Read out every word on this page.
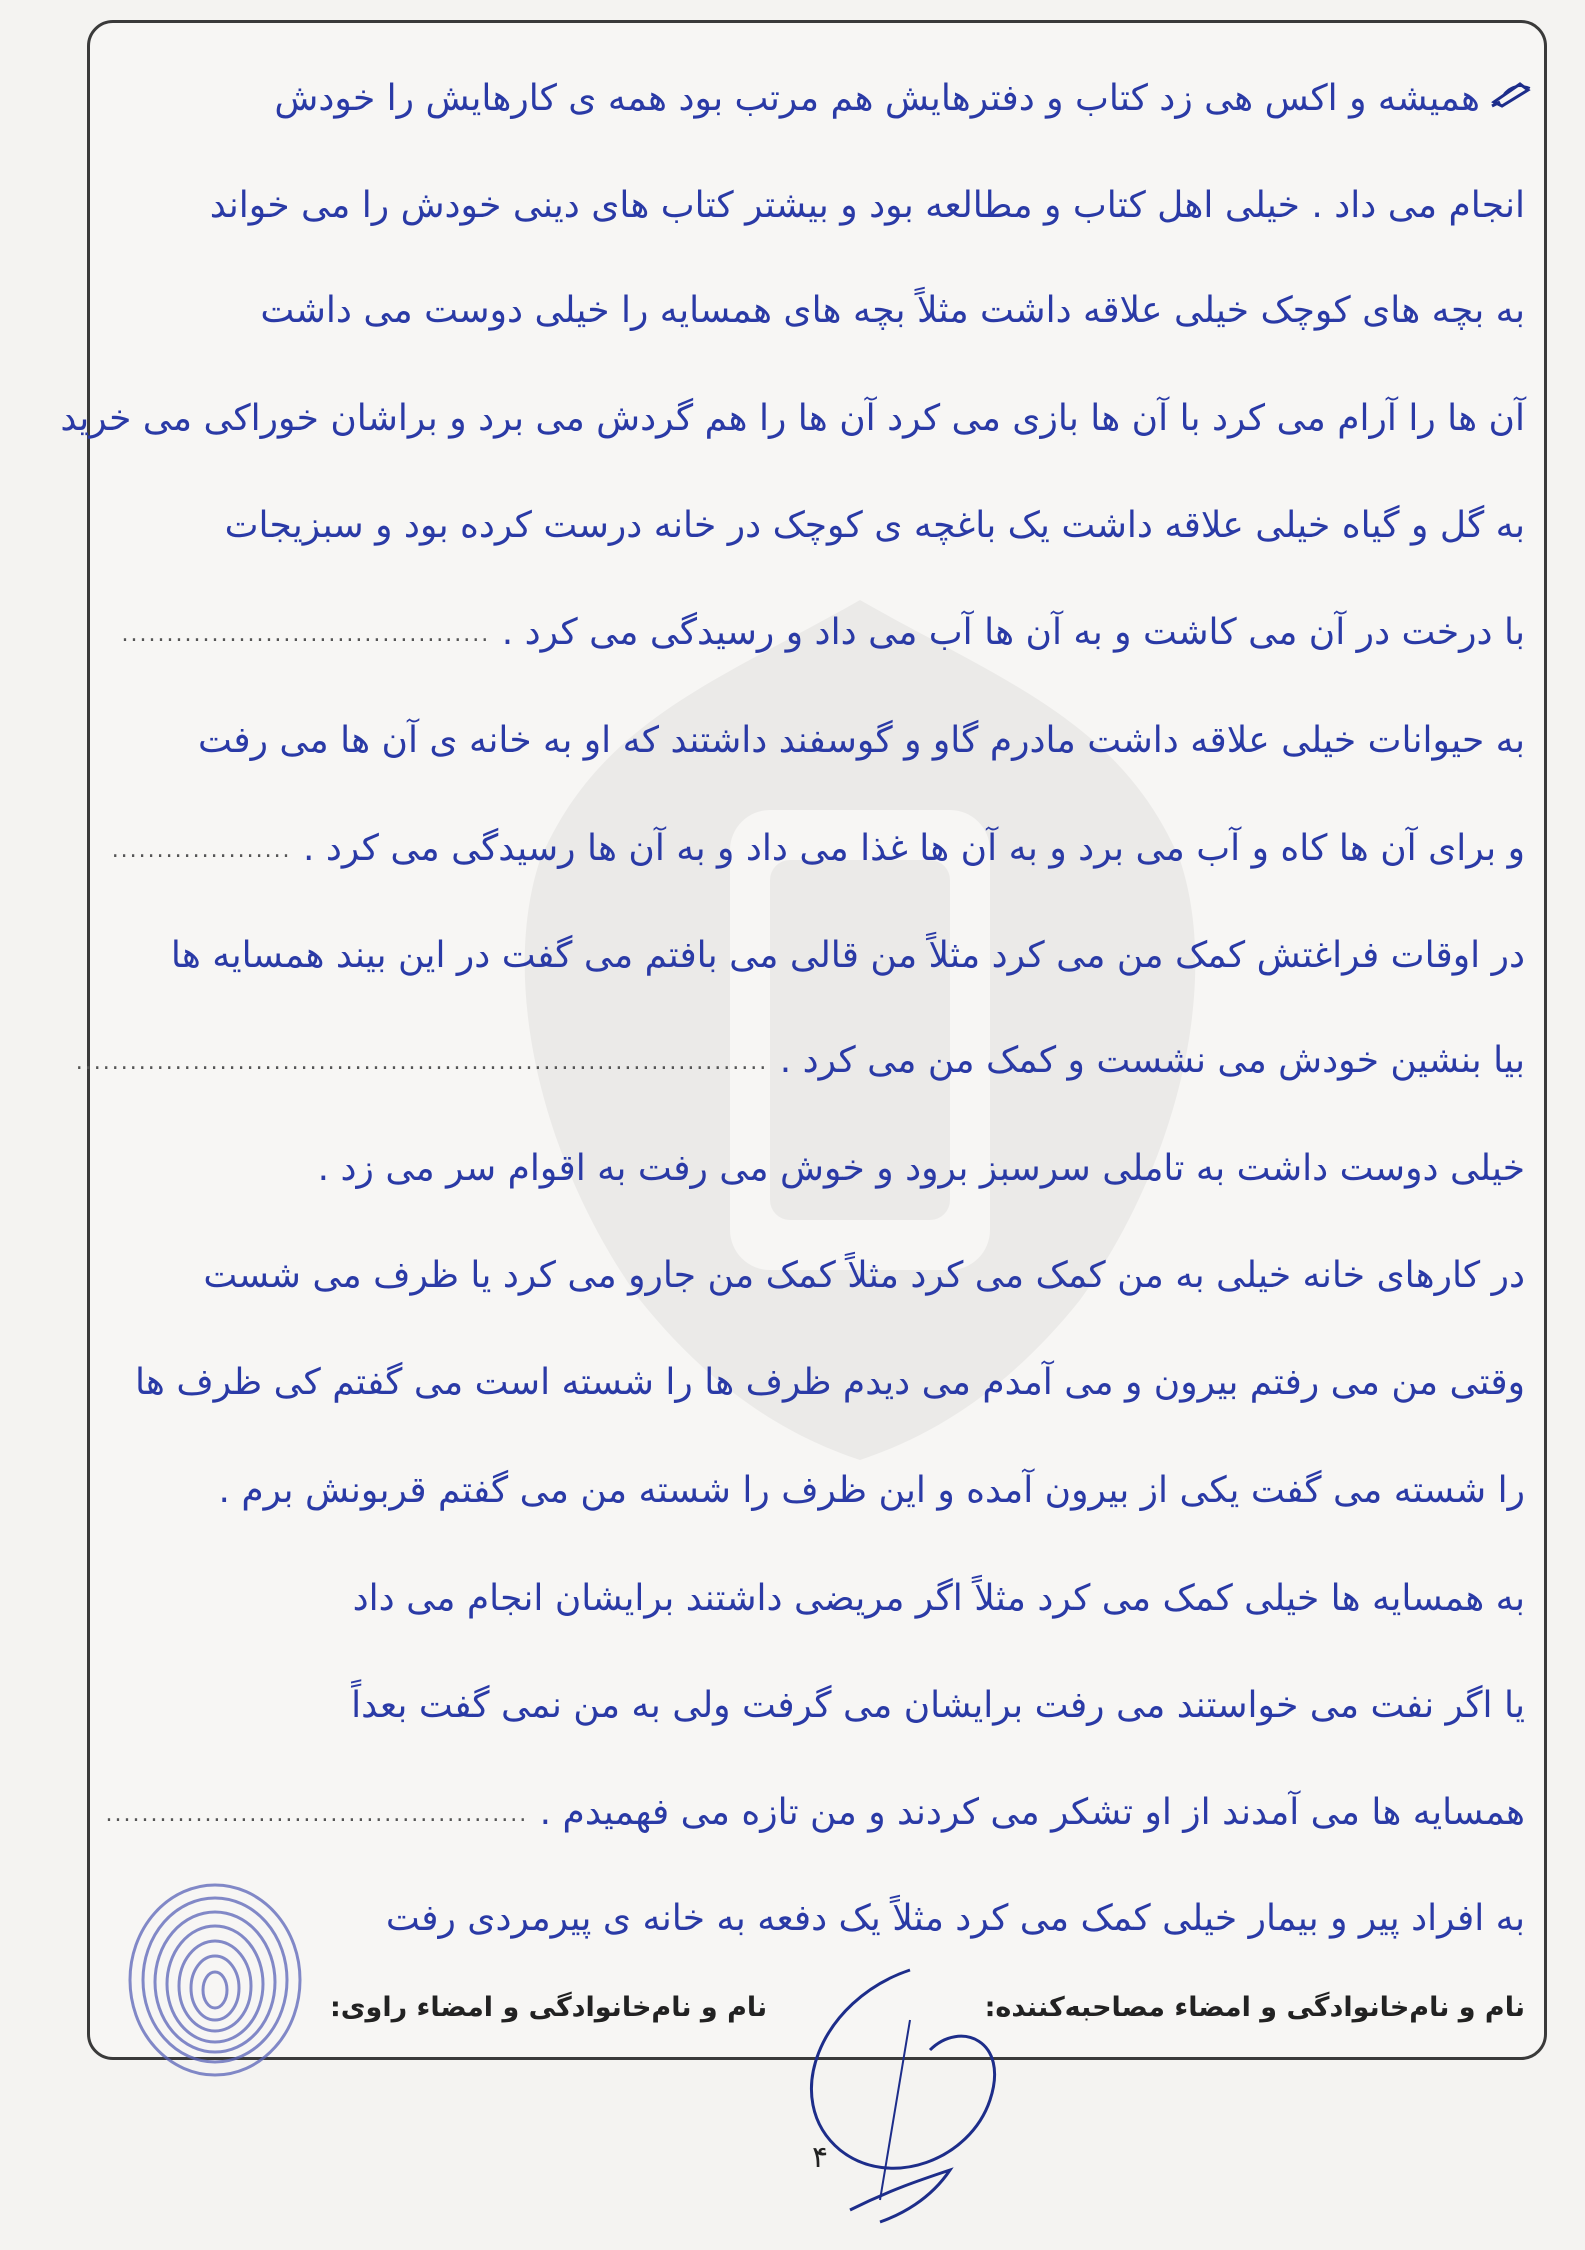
همیشه و اکس هی زد کتاب و دفترهایش هم مرتب بود همه ی کارهایش را خودش
انجام می داد . خیلی اهل کتاب و مطالعه بود و بیشتر کتاب های دینی خودش را می خواند
به بچه های کوچک خیلی علاقه داشت مثلاً بچه های همسایه را خیلی دوست می داشت
آن ها را آرام می کرد با آن ها بازی می کرد آن ها را هم گردش می برد و براشان خوراکی می خرید
به گل و گیاه خیلی علاقه داشت یک باغچه ی کوچک در خانه درست کرده بود و سبزیجات
با درخت در آن می کاشت و به آن ها آب می داد و رسیدگی می کرد . .........................................
به حیوانات خیلی علاقه داشت مادرم گاو و گوسفند داشتند که او به خانه ی آن ها می رفت
و برای آن ها کاه و آب می برد و به آن ها غذا می داد و به آن ها رسیدگی می کرد . ....................
در اوقات فراغتش کمک من می کرد مثلاً من قالی می بافتم می گفت در این بیند همسایه ها
بیا بنشین خودش می نشست و کمک من می کرد . .............................................................................
خیلی دوست داشت به تاملی سرسبز برود و خوش می رفت به اقوام سر می زد .
در کارهای خانه خیلی به من کمک می کرد مثلاً کمک من جارو می کرد یا ظرف می شست
وقتی من می رفتم بیرون و می آمدم می دیدم ظرف ها را شسته است می گفتم کی ظرف ها
را شسته می گفت یکی از بیرون آمده و این ظرف را شسته من می گفتم قربونش برم .
به همسایه ها خیلی کمک می کرد مثلاً اگر مریضی داشتند برایشان انجام می داد
یا اگر نفت می خواستند می رفت برایشان می گرفت ولی به من نمی گفت بعداً
همسایه ها می آمدند از او تشکر می کردند و من تازه می فهمیدم . ...............................................
به افراد پیر و بیمار خیلی کمک می کرد مثلاً یک دفعه به خانه ی پیرمردی رفت
نام و نام‌خانوادگی و امضاء مصاحبه‌کننده:
نام و نام‌خانوادگی و امضاء راوی:
۴
